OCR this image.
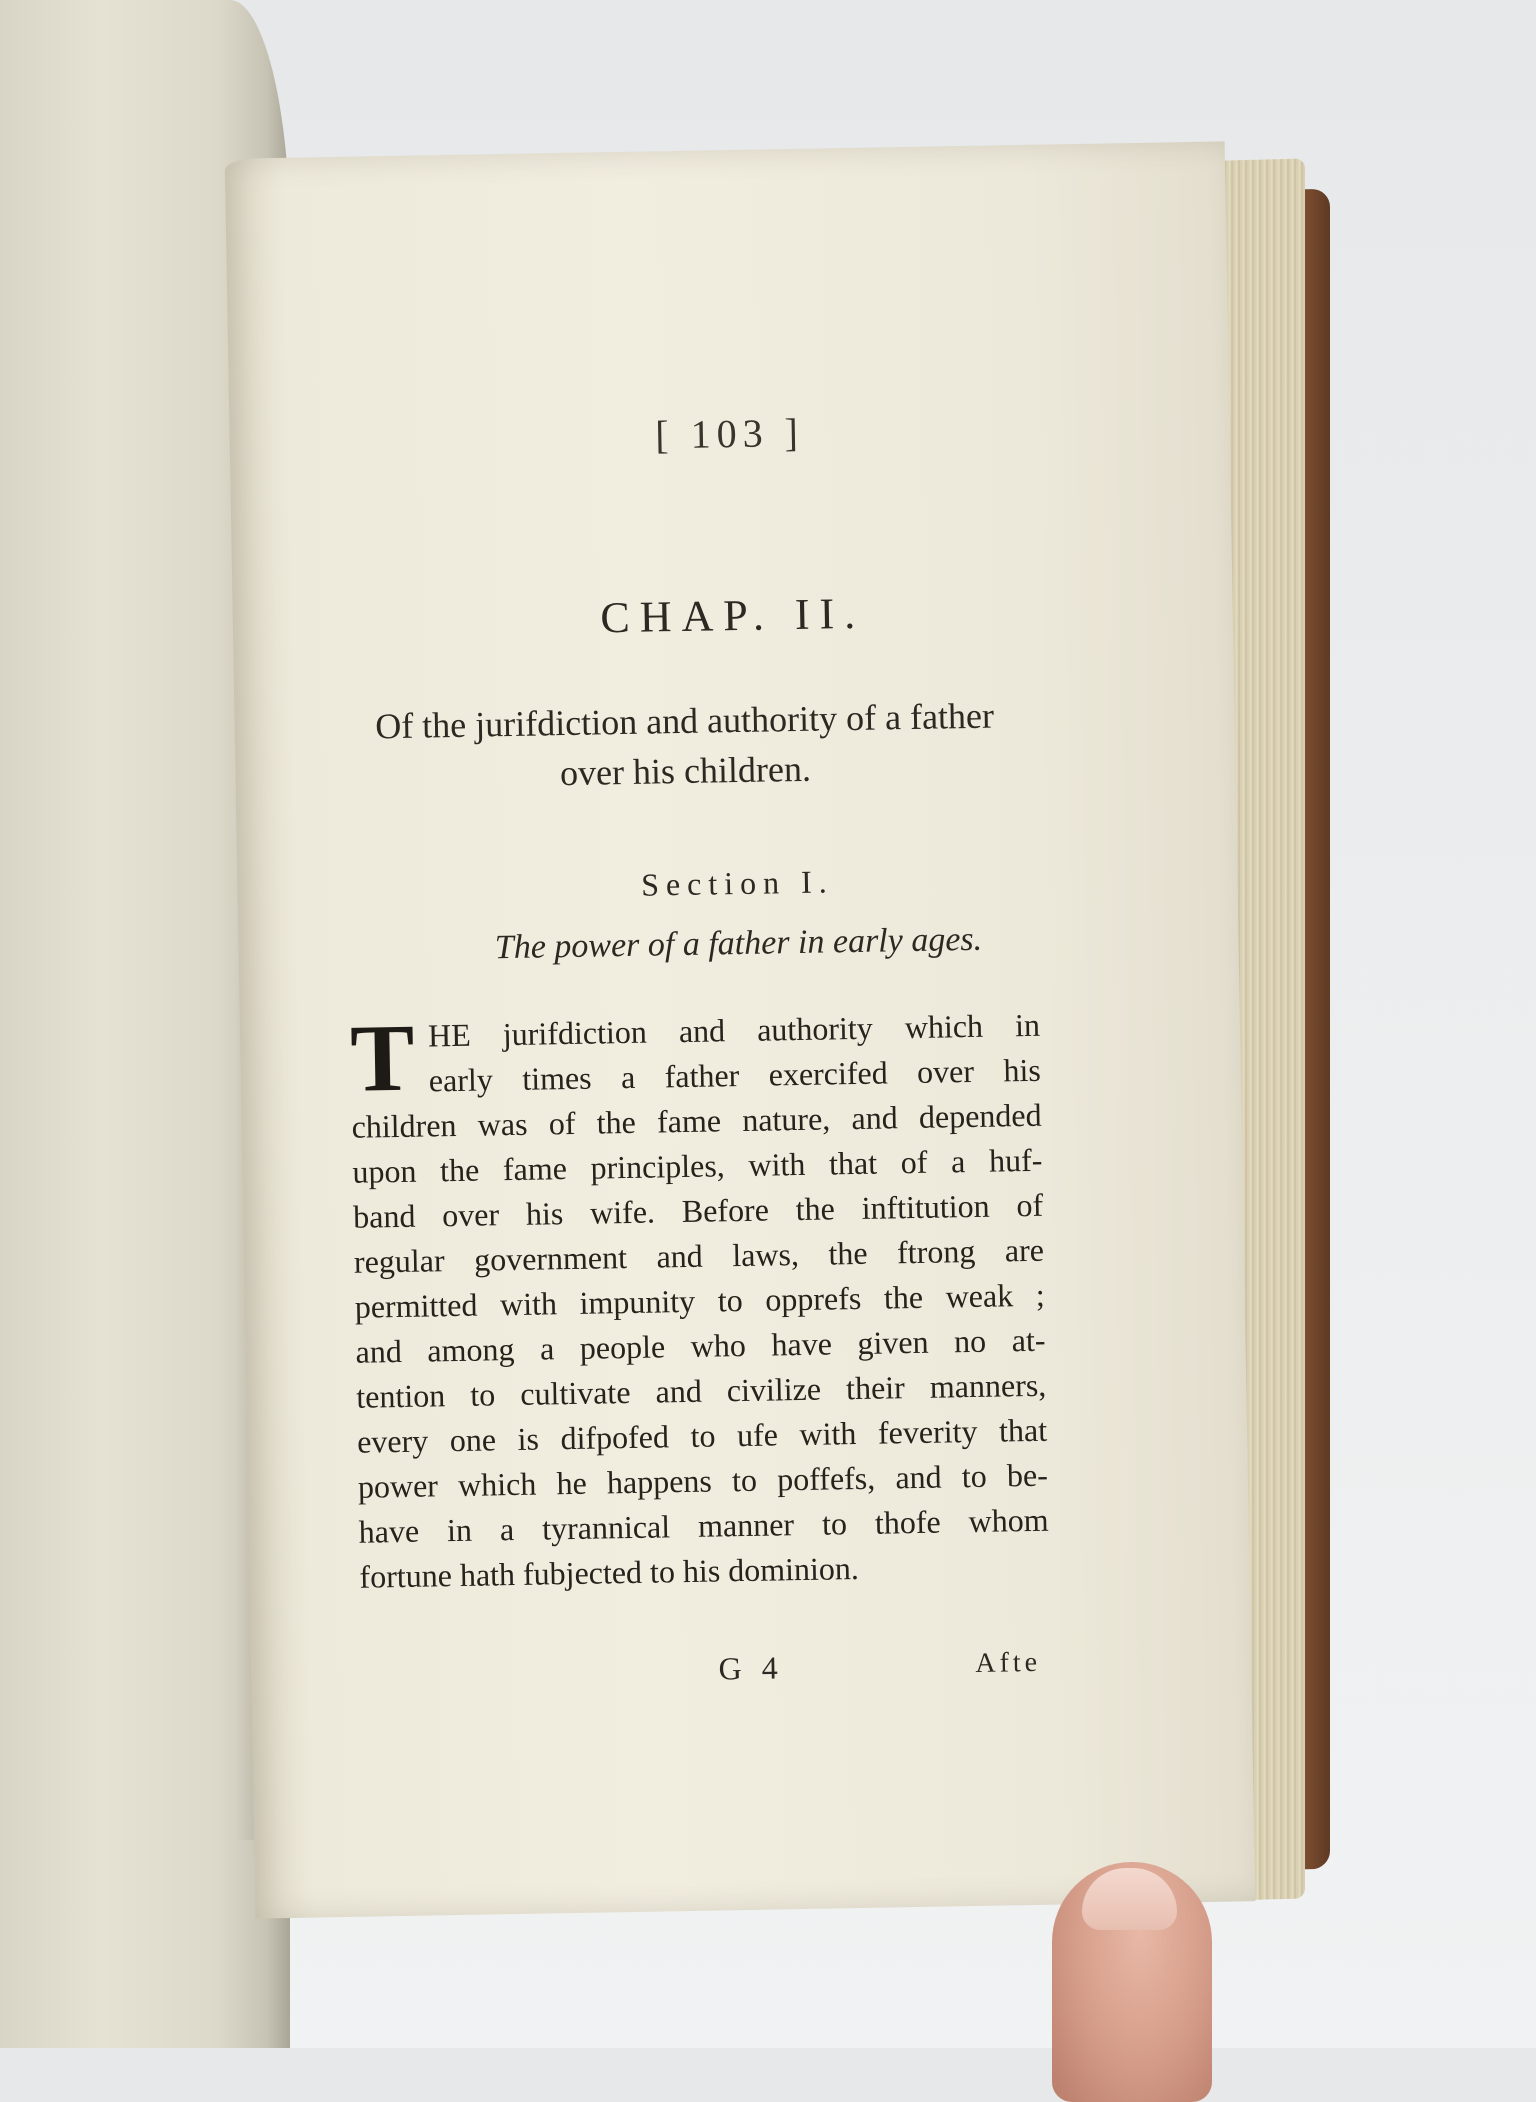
[ 103 ]
CHAP. II.
Of the jurifdiction and authority of a father over his children.
Section I.
The power of a father in early ages.
T HE jurifdiction and authority which in
early times a father exercifed over his
children was of the fame nature, and depended
upon the fame principles, with that of a huf-
band over his wife. Before the inftitution of
regular government and laws, the ftrong are
permitted with impunity to opprefs the weak ;
and among a people who have given no at-
tention to cultivate and civilize their manners,
every one is difpofed to ufe with feverity that
power which he happens to poffefs, and to be-
have in a tyrannical manner to thofe whom
fortune hath fubjected to his dominion.
G 4	Afte
